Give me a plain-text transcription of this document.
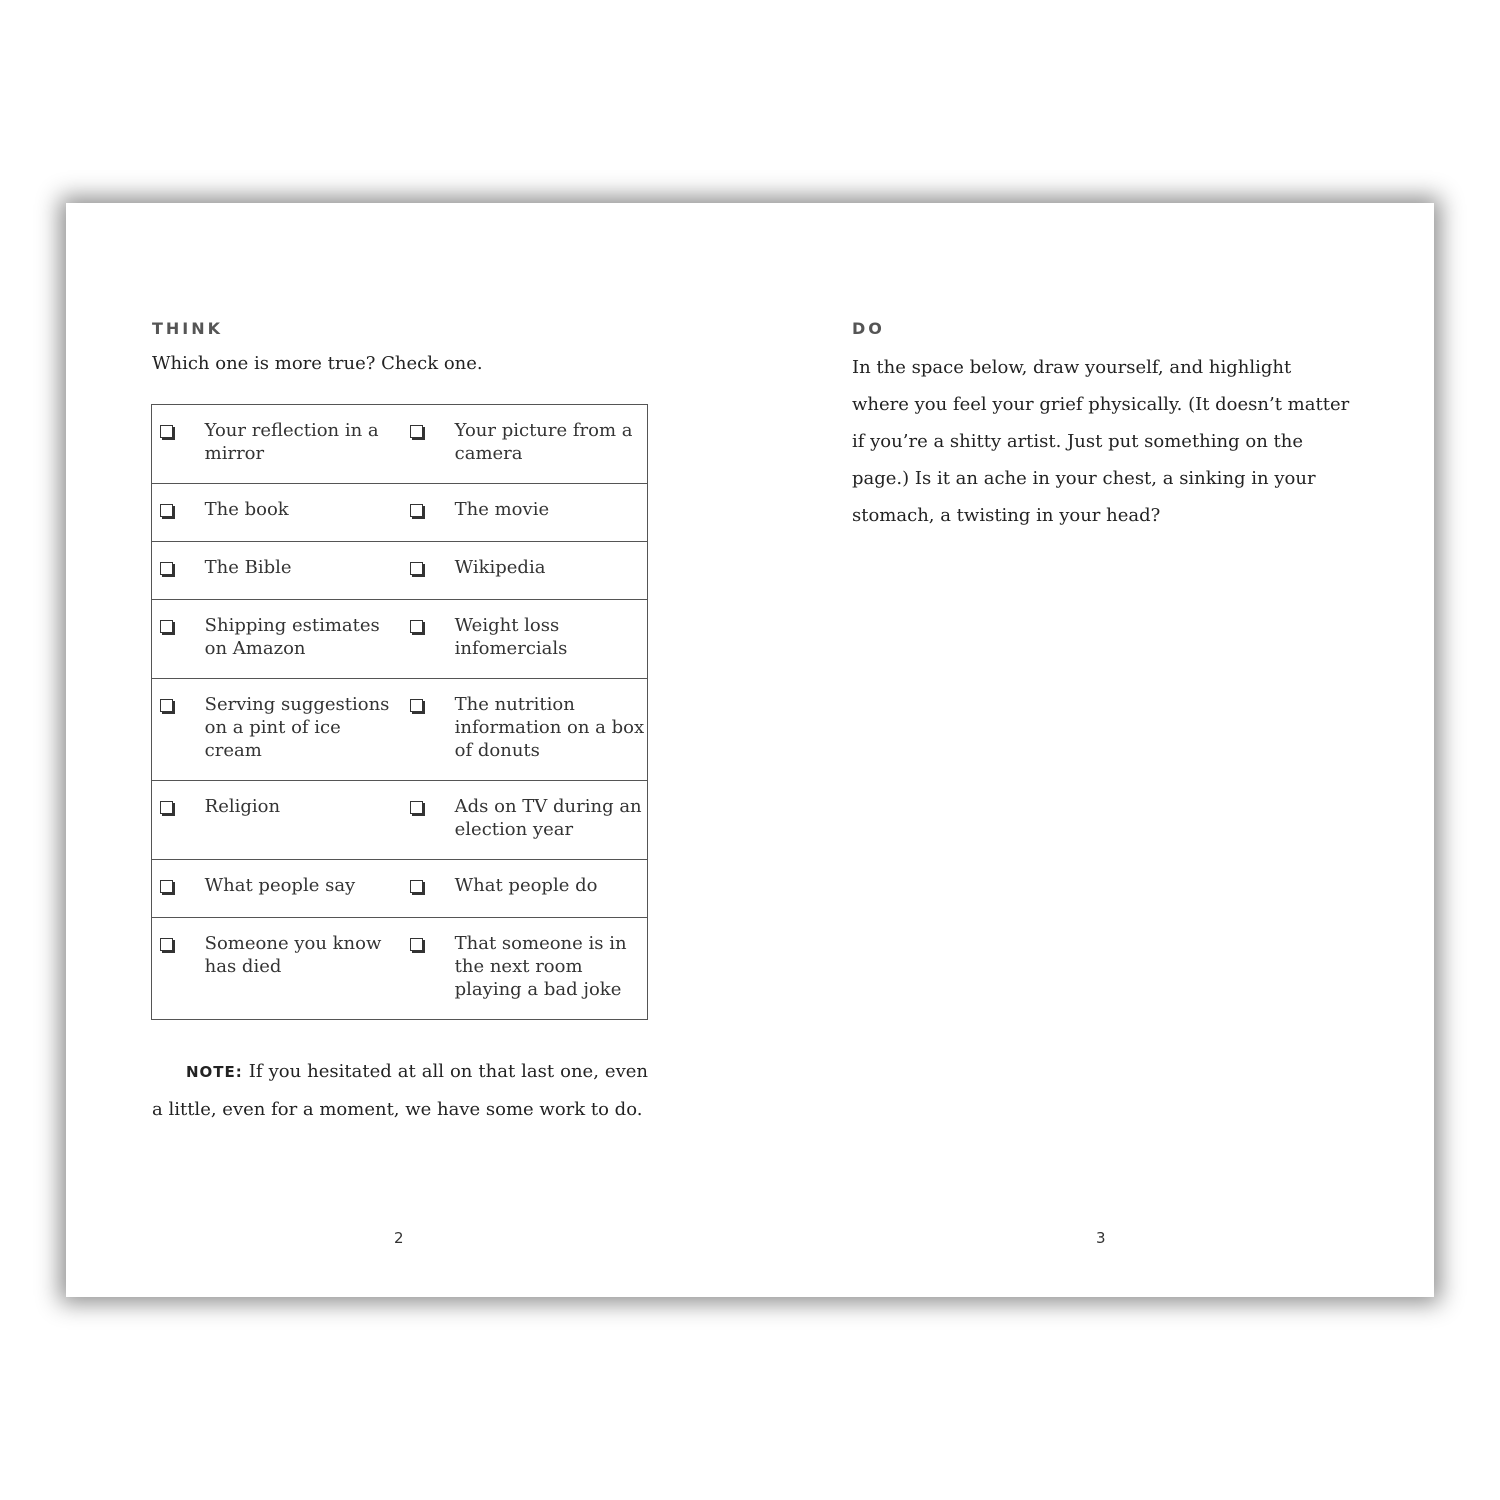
THINK
Which one is more true? Check one.
	Your reflection in a mirror		Your picture from a camera
	The book		The movie
	The Bible		Wikipedia
	Shipping estimates on Amazon		Weight loss infomercials
	Serving suggestions on a pint of ice cream		The nutrition information on a box of donuts
	Religion		Ads on TV during an election year
	What people say		What people do
	Someone you know has died		That someone is in the next room playing a bad joke
NOTE: If you hesitated at all on that last one, even a little, even for a moment, we have some work to do.
2
DO
In the space below, draw yourself, and highlight where you feel your grief physically. (It doesn’t matter if you’re a shitty artist. Just put something on the page.) Is it an ache in your chest, a sinking in your stomach, a twisting in your head?
3
